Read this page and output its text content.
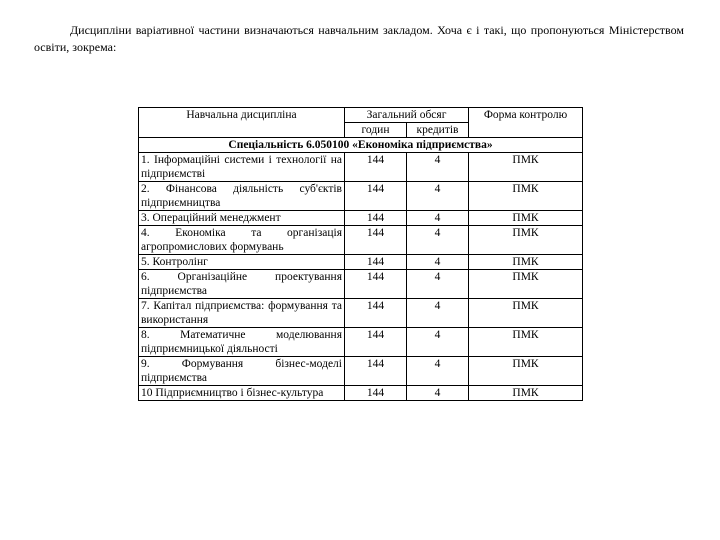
Дисципліни варіативної частини визначаються навчальним закладом. Хоча є і такі, що пропонуються Міністерством освіти, зокрема:

Навчальна дисципліна	Загальний обсяг		Форма контролю
	годин	кредитів	
Спеціальність 6.050100 «Економіка підприємства»			
1. Інформаційні системи і технології на підприємстві	144	4	ПМК
2. Фінансова діяльність суб'єктів підприємництва	144	4	ПМК
3. Операційний менеджмент	144	4	ПМК
4. Економіка та організація агропромислових формувань	144	4	ПМК
5. Контролінг	144	4	ПМК
6. Організаційне проектування підприємства	144	4	ПМК
7. Капітал підприємства: формування та використання	144	4	ПМК
8. Математичне моделювання підприємницької діяльності	144	4	ПМК
9. Формування бізнес-моделі підприємства	144	4	ПМК
10 Підприємництво і бізнес-культура	144	4	ПМК
